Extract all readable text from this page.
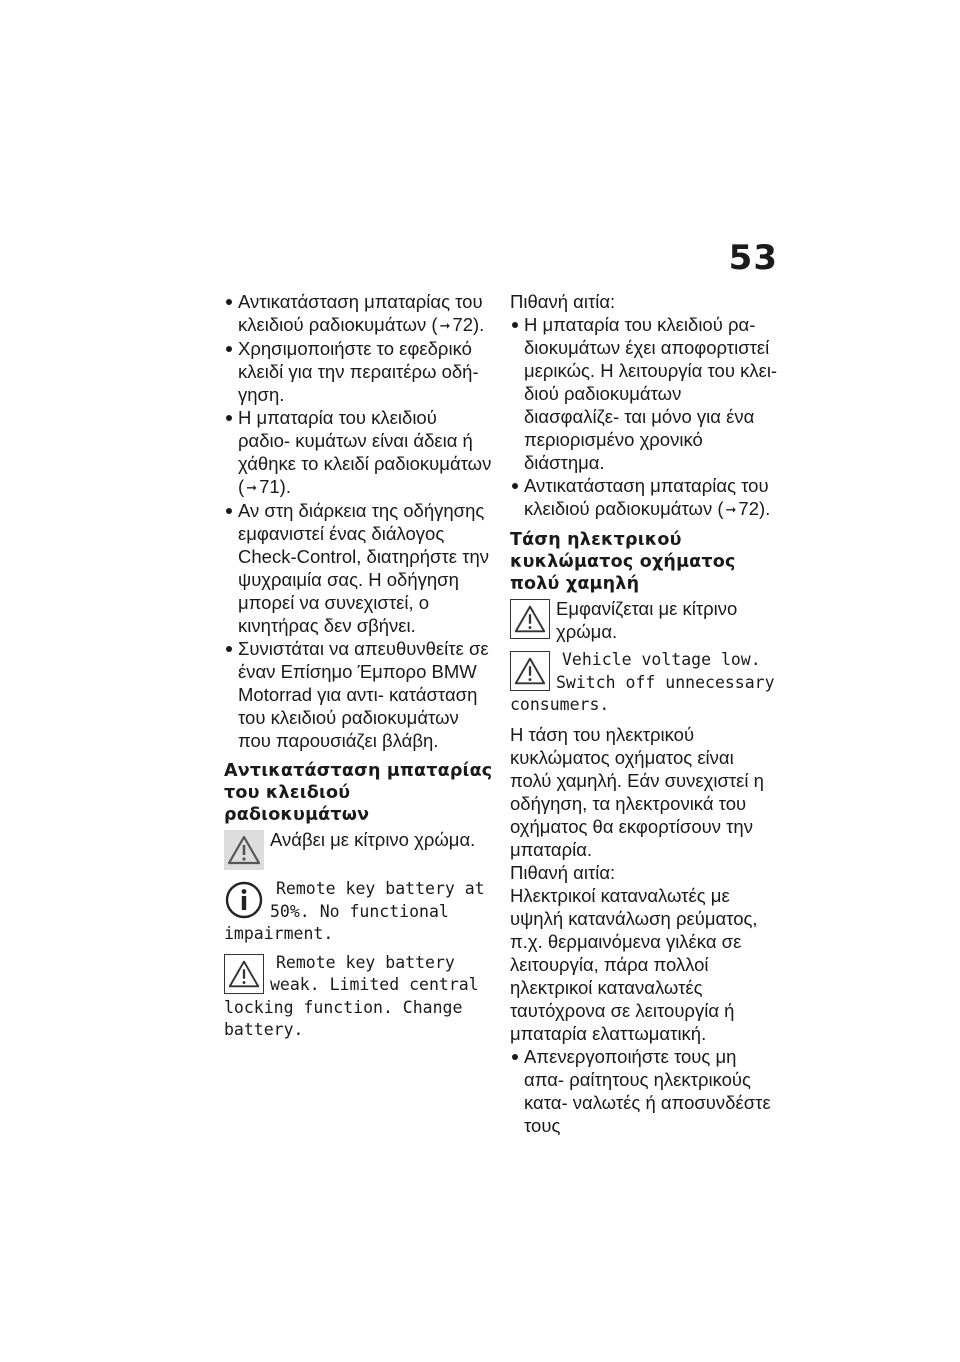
53
Αντικατάσταση μπαταρίας του κλειδιού ραδιοκυμάτων ( ➞ 72).
Χρησιμοποιήστε το εφεδρικό κλειδί για την περαιτέρω οδή- γηση.
Η μπαταρία του κλειδιού ραδιο- κυμάτων είναι άδεια ή χάθηκε το κλειδί ραδιοκυμάτων ( ➞ 71).
Αν στη διάρκεια της οδήγησης εμφανιστεί ένας διάλογος Check-Control, διατηρήστε την ψυχραιμία σας. Η οδήγηση μπορεί να συνεχιστεί, ο κινητήρας δεν σβήνει.
Συνιστάται να απευθυνθείτε σε έναν Επίσημο Έμπορο BMW Motorrad για αντι- κατάσταση του κλειδιού ραδιοκυμάτων που παρουσιάζει βλάβη.
Αντικατάσταση μπαταρίας του κλειδιού ραδιοκυμάτων
Ανάβει με κίτρινο χρώμα.
Remote key battery at 50%. No functional impairment.
Remote key battery weak. Limited central locking function. Change battery.
Πιθανή αιτία:
Η μπαταρία του κλειδιού ρα- διοκυμάτων έχει αποφορτιστεί μερικώς. Η λειτουργία του κλει- διού ραδιοκυμάτων διασφαλίζε- ται μόνο για ένα περιορισμένο χρονικό διάστημα.
Αντικατάσταση μπαταρίας του κλειδιού ραδιοκυμάτων ( ➞ 72).
Τάση ηλεκτρικού κυκλώματος οχήματος πολύ χαμηλή
Εμφανίζεται με κίτρινο χρώμα.
Vehicle voltage low. Switch off unnecessary consumers.
Η τάση του ηλεκτρικού κυκλώματος οχήματος είναι πολύ χαμηλή. Εάν συνεχιστεί η οδήγηση, τα ηλεκτρονικά του οχήματος θα εκφορτίσουν την μπαταρία.
Πιθανή αιτία:
Ηλεκτρικοί καταναλωτές με υψηλή κατανάλωση ρεύματος, π.χ. θερμαινόμενα γιλέκα σε λειτουργία, πάρα πολλοί ηλεκτρικοί καταναλωτές ταυτόχρονα σε λειτουργία ή μπαταρία ελαττωματική.
Απενεργοποιήστε τους μη απα- ραίτητους ηλεκτρικούς κατα- ναλωτές ή αποσυνδέστε τους
